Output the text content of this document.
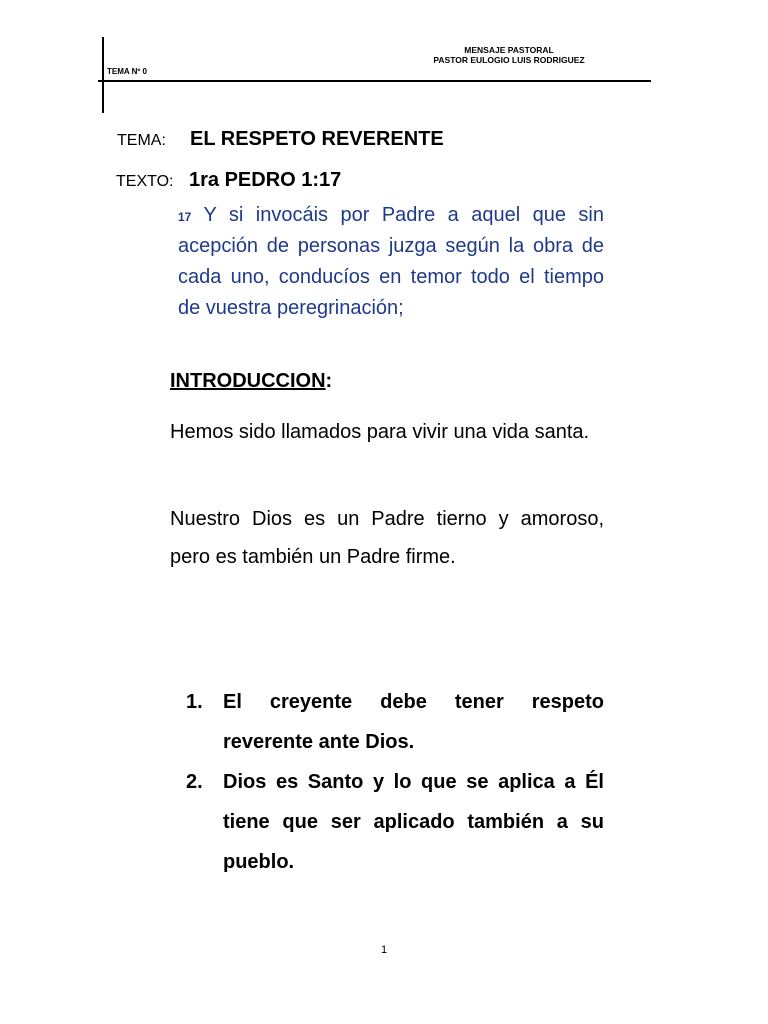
TEMA Nº 0
MENSAJE PASTORAL
PASTOR EULOGIO LUIS RODRIGUEZ
TEMA: EL RESPETO REVERENTE
TEXTO: 1ra PEDRO 1:17
$^{17}$ Y si invocáis por Padre a aquel que sin acepción de personas juzga según la obra de cada uno, conducíos en temor todo el tiempo de vuestra peregrinación;
INTRODUCCION:
Hemos sido llamados para vivir una vida santa.
Nuestro Dios es un Padre tierno y amoroso, pero es también un Padre firme.
1.	El creyente debe tener respeto reverente ante Dios.
2.	Dios es Santo y lo que se aplica a Él tiene que ser aplicado también a su pueblo.
1
